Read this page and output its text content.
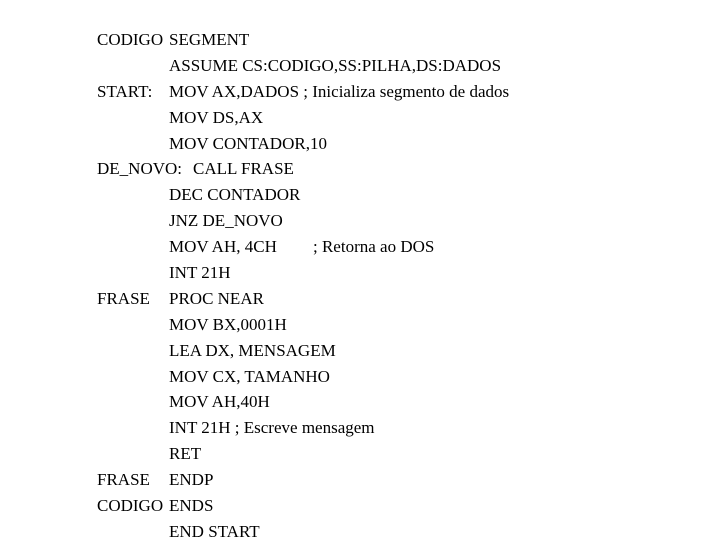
CODIGO

SEGMENT

ASSUME CS:CODIGO,SS:PILHA,DS:DADOS

START:

MOV AX,DADOS ; Inicializa segmento de dados

MOV DS,AX

MOV CONTADOR,10

DE_NOVO:

CALL FRASE

DEC CONTADOR

JNZ DE_NOVO

MOV AH, 4CH

; Retorna ao DOS

INT 21H

FRASE

PROC NEAR

MOV BX,0001H

LEA DX, MENSAGEM

MOV CX, TAMANHO

MOV AH,40H

INT 21H ; Escreve mensagem

RET

FRASE

ENDP

CODIGO

ENDS

END START
